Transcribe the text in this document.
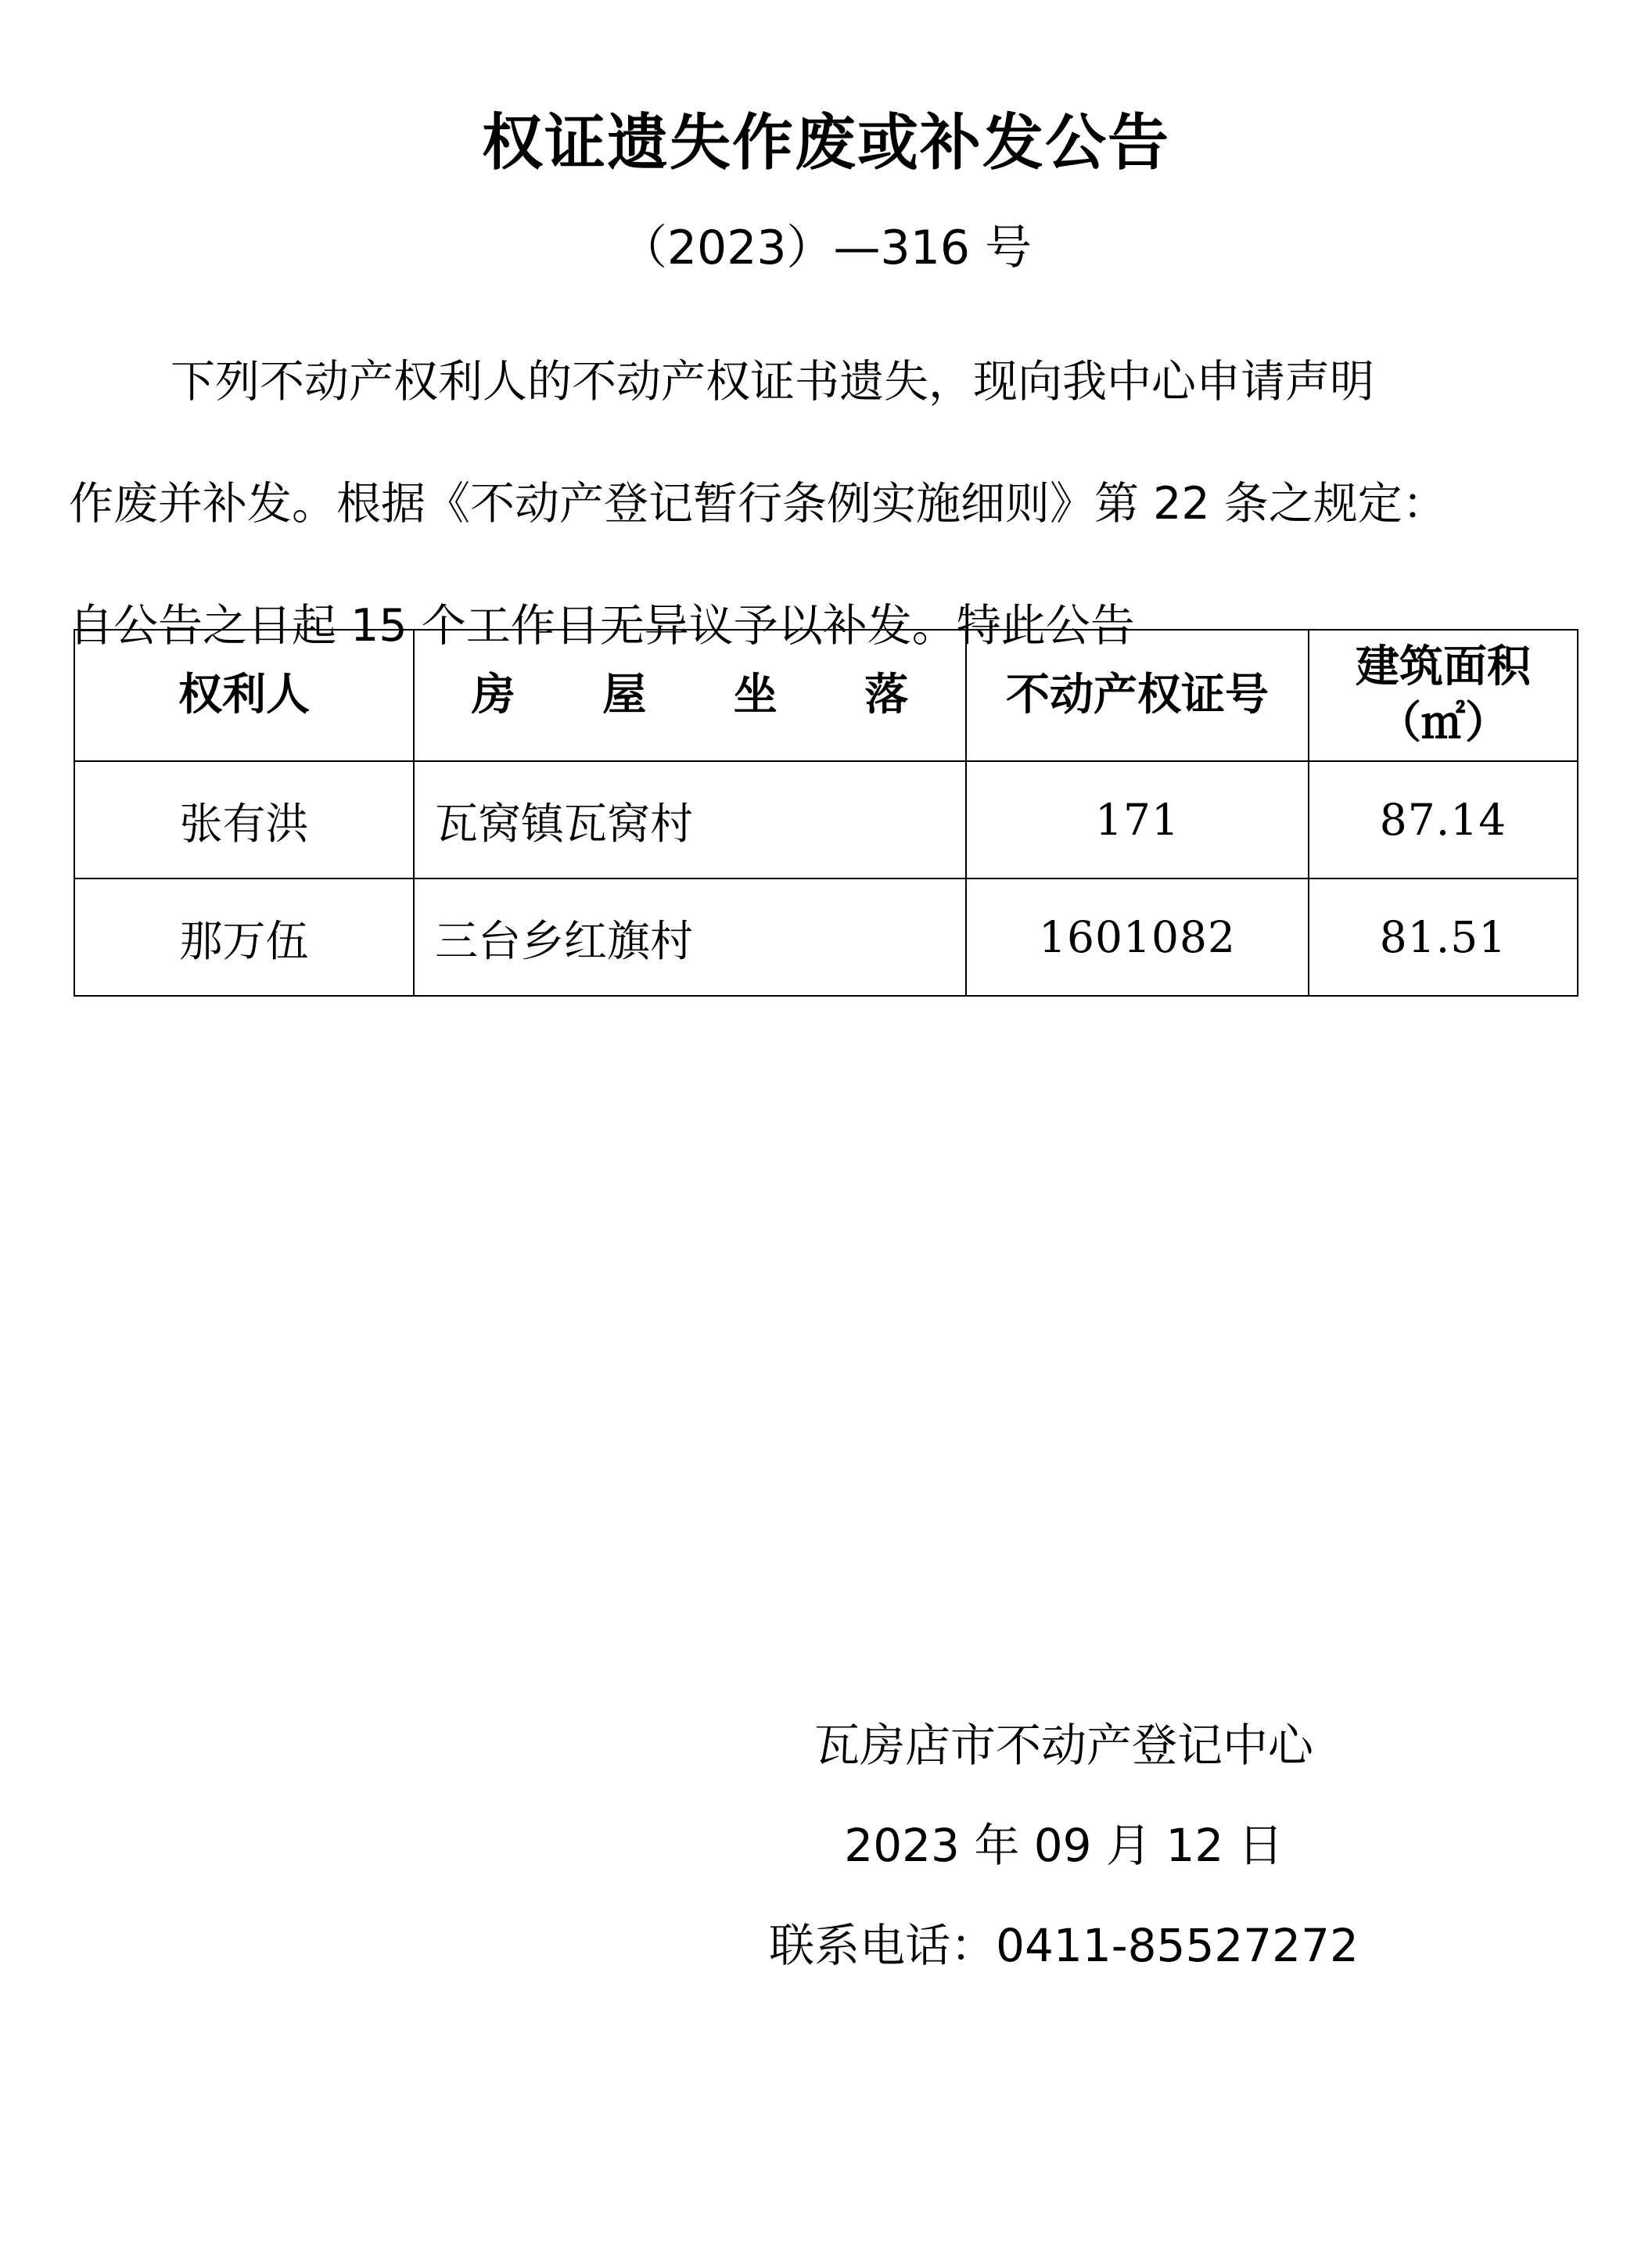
权证遗失作废或补发公告
（2023）—316 号
下列不动产权利人的不动产权证书遗失，现向我中心申请声明
作废并补发。根据《不动产登记暂行条例实施细则》第 22 条之规定：
自公告之日起 15 个工作日无异议予以补发。特此公告
权利人	房 屋 坐 落	不动产权证号	建筑面积
（㎡）

张有洪	瓦窝镇瓦窝村	171	87.14
那万伍	三台乡红旗村	1601082	81.51
瓦房店市不动产登记中心
2023 年 09 月 12 日
联系电话：0411-85527272
